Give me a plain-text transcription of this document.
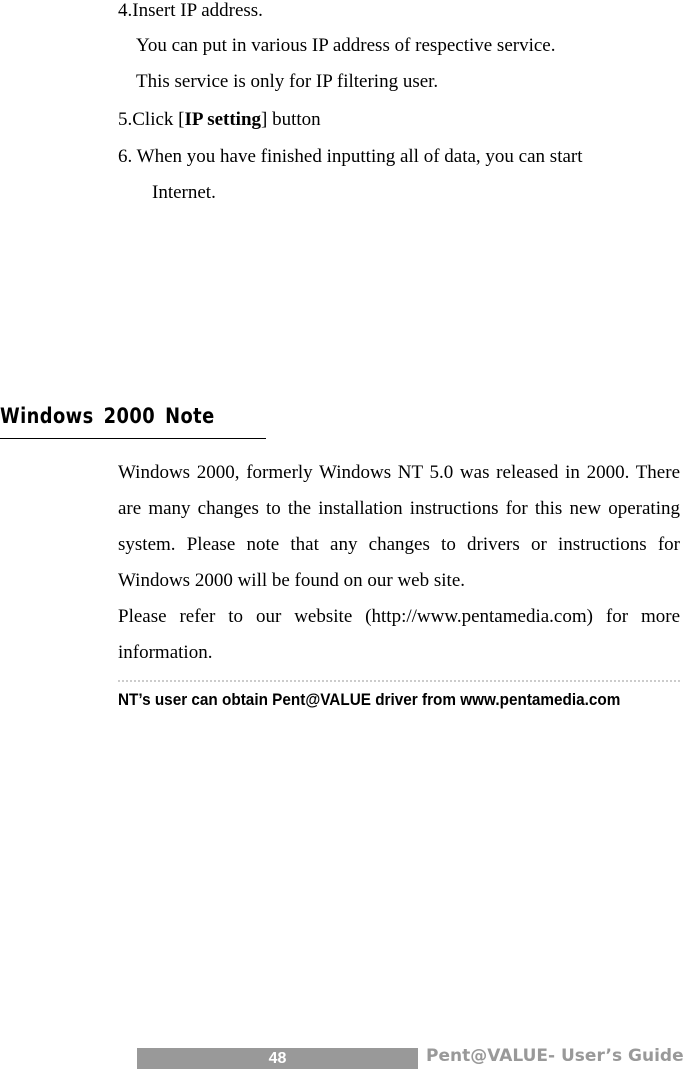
4.Insert IP address.
You can put in various IP address of respective service.
This service is only for IP filtering user.
5.Click [IP setting] button
6. When you have finished inputting all of data, you can start
Internet.
Windows 2000 Note
Windows 2000, formerly Windows NT 5.0 was released in 2000. There are many changes to the installation instructions for this new operating system. Please note that any changes to drivers or instructions for Windows 2000 will be found on our web site.
Please refer to our website (http://www.pentamedia.com) for more information.
NT’s user can obtain Pent@VALUE driver from www.pentamedia.com
48	Pent@VALUE- User’s Guide
